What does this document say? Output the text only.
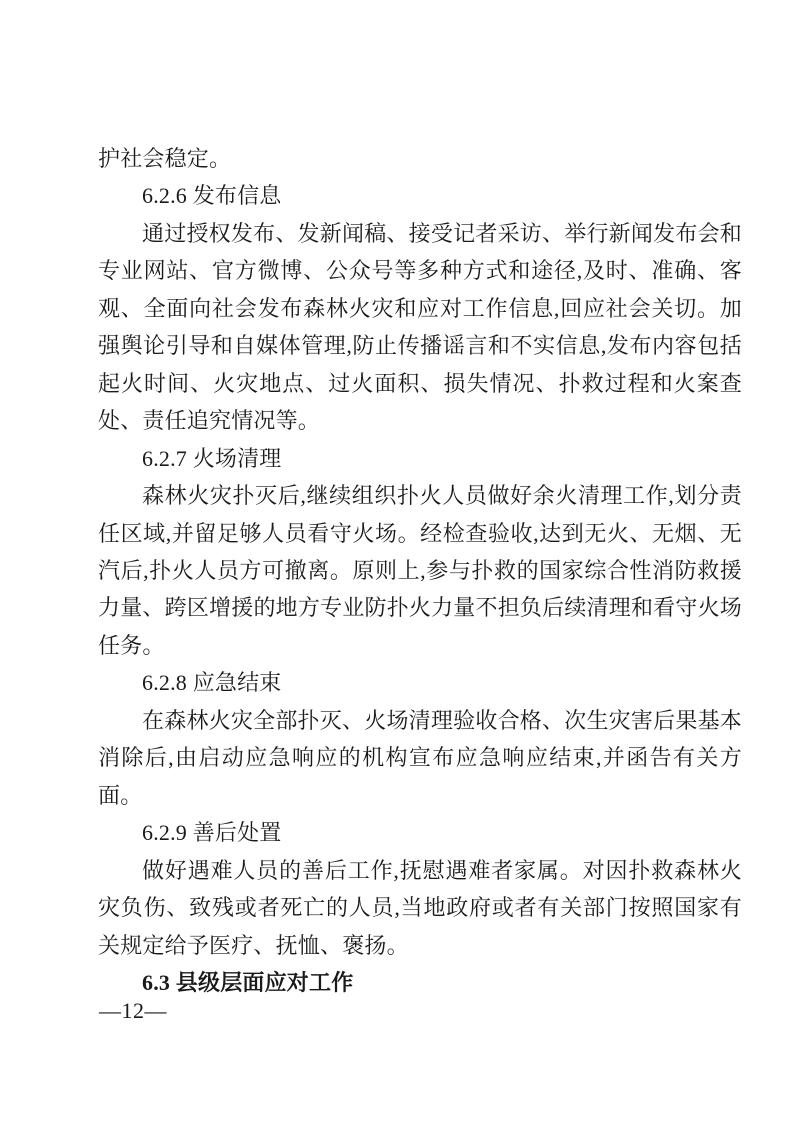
护社会稳定。

6.2.6 发布信息

通过授权发布、发新闻稿、接受记者采访、举行新闻发布会和专业网站、官方微博、公众号等多种方式和途径,及时、准确、客观、全面向社会发布森林火灾和应对工作信息,回应社会关切。加强舆论引导和自媒体管理,防止传播谣言和不实信息,发布内容包括起火时间、火灾地点、过火面积、损失情况、扑救过程和火案查处、责任追究情况等。

6.2.7 火场清理

森林火灾扑灭后,继续组织扑火人员做好余火清理工作,划分责任区域,并留足够人员看守火场。经检查验收,达到无火、无烟、无汽后,扑火人员方可撤离。原则上,参与扑救的国家综合性消防救援力量、跨区增援的地方专业防扑火力量不担负后续清理和看守火场任务。

6.2.8 应急结束

在森林火灾全部扑灭、火场清理验收合格、次生灾害后果基本消除后,由启动应急响应的机构宣布应急响应结束,并函告有关方面。

6.2.9 善后处置

做好遇难人员的善后工作,抚慰遇难者家属。对因扑救森林火灾负伤、致残或者死亡的人员,当地政府或者有关部门按照国家有关规定给予医疗、抚恤、褒扬。

6.3 县级层面应对工作

—12—
